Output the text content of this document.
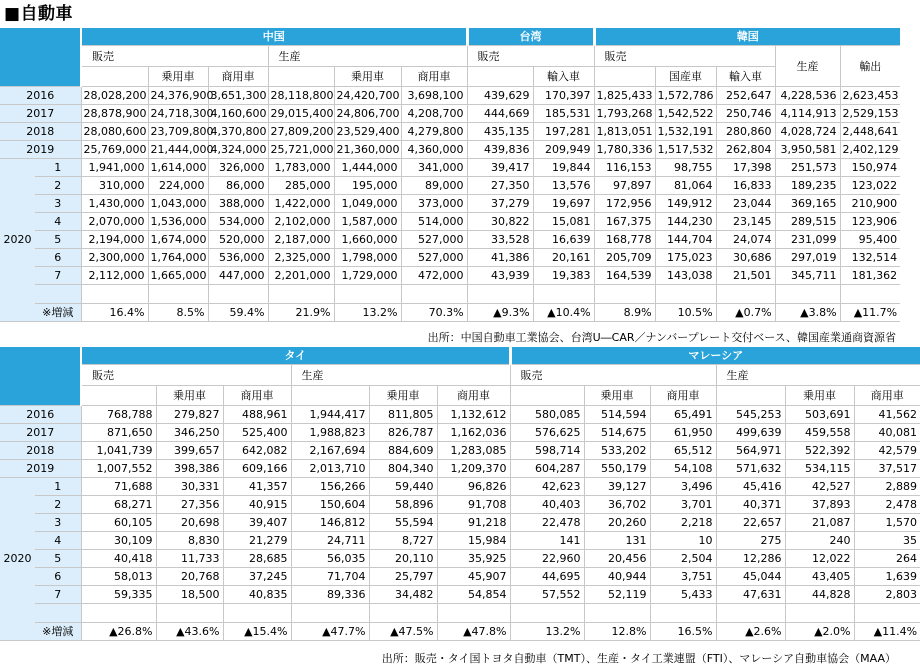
■自動車
		中国						台湾		韓国				
		販売			生産			販売		販売			生産	輸出
			乗用車	商用車		乗用車	商用車		輸入車		国産車	輸入車		
2016		28,028,200	24,376,900	3,651,300	28,118,800	24,420,700	3,698,100	439,629	170,397	1,825,433	1,572,786	252,647	4,228,536	2,623,453
2017		28,878,900	24,718,300	4,160,600	29,015,400	24,806,700	4,208,700	444,669	185,531	1,793,268	1,542,522	250,746	4,114,913	2,529,153
2018		28,080,600	23,709,800	4,370,800	27,809,200	23,529,400	4,279,800	435,135	197,281	1,813,051	1,532,191	280,860	4,028,724	2,448,641
2019		25,769,000	21,444,000	4,324,000	25,721,000	21,360,000	4,360,000	439,836	209,949	1,780,336	1,517,532	262,804	3,950,581	2,402,129
2020	1	1,941,000	1,614,000	326,000	1,783,000	1,444,000	341,000	39,417	19,844	116,153	98,755	17,398	251,573	150,974
	2	310,000	224,000	86,000	285,000	195,000	89,000	27,350	13,576	97,897	81,064	16,833	189,235	123,022
	3	1,430,000	1,043,000	388,000	1,422,000	1,049,000	373,000	37,279	19,697	172,956	149,912	23,044	369,165	210,900
	4	2,070,000	1,536,000	534,000	2,102,000	1,587,000	514,000	30,822	15,081	167,375	144,230	23,145	289,515	123,906
	5	2,194,000	1,674,000	520,000	2,187,000	1,660,000	527,000	33,528	16,639	168,778	144,704	24,074	231,099	95,400
	6	2,300,000	1,764,000	536,000	2,325,000	1,798,000	527,000	41,386	20,161	205,709	175,023	30,686	297,019	132,514
	7	2,112,000	1,665,000	447,000	2,201,000	1,729,000	472,000	43,939	19,383	164,539	143,038	21,501	345,711	181,362

	※増減	16.4%	8.5%	59.4%	21.9%	13.2%	70.3%	▲9.3%	▲10.4%	8.9%	10.5%	▲0.7%	▲3.8%	▲11.7%
出所：中国自動車工業協会、台湾U―CAR／ナンバープレート交付ベース、韓国産業通商資源省
		タイ						マレーシア					
		販売			生産			販売			生産		
			乗用車	商用車		乗用車	商用車		乗用車	商用車		乗用車	商用車
2016		768,788	279,827	488,961	1,944,417	811,805	1,132,612	580,085	514,594	65,491	545,253	503,691	41,562
2017		871,650	346,250	525,400	1,988,823	826,787	1,162,036	576,625	514,675	61,950	499,639	459,558	40,081
2018		1,041,739	399,657	642,082	2,167,694	884,609	1,283,085	598,714	533,202	65,512	564,971	522,392	42,579
2019		1,007,552	398,386	609,166	2,013,710	804,340	1,209,370	604,287	550,179	54,108	571,632	534,115	37,517
2020	1	71,688	30,331	41,357	156,266	59,440	96,826	42,623	39,127	3,496	45,416	42,527	2,889
	2	68,271	27,356	40,915	150,604	58,896	91,708	40,403	36,702	3,701	40,371	37,893	2,478
	3	60,105	20,698	39,407	146,812	55,594	91,218	22,478	20,260	2,218	22,657	21,087	1,570
	4	30,109	8,830	21,279	24,711	8,727	15,984	141	131	10	275	240	35
	5	40,418	11,733	28,685	56,035	20,110	35,925	22,960	20,456	2,504	12,286	12,022	264
	6	58,013	20,768	37,245	71,704	25,797	45,907	44,695	40,944	3,751	45,044	43,405	1,639
	7	59,335	18,500	40,835	89,336	34,482	54,854	57,552	52,119	5,433	47,631	44,828	2,803

	※増減	▲26.8%	▲43.6%	▲15.4%	▲47.7%	▲47.5%	▲47.8%	13.2%	12.8%	16.5%	▲2.6%	▲2.0%	▲11.4%
出所：販売・タイ国トヨタ自動車（TMT）、生産・タイ工業連盟（FTI）、マレーシア自動車協会（MAA）
